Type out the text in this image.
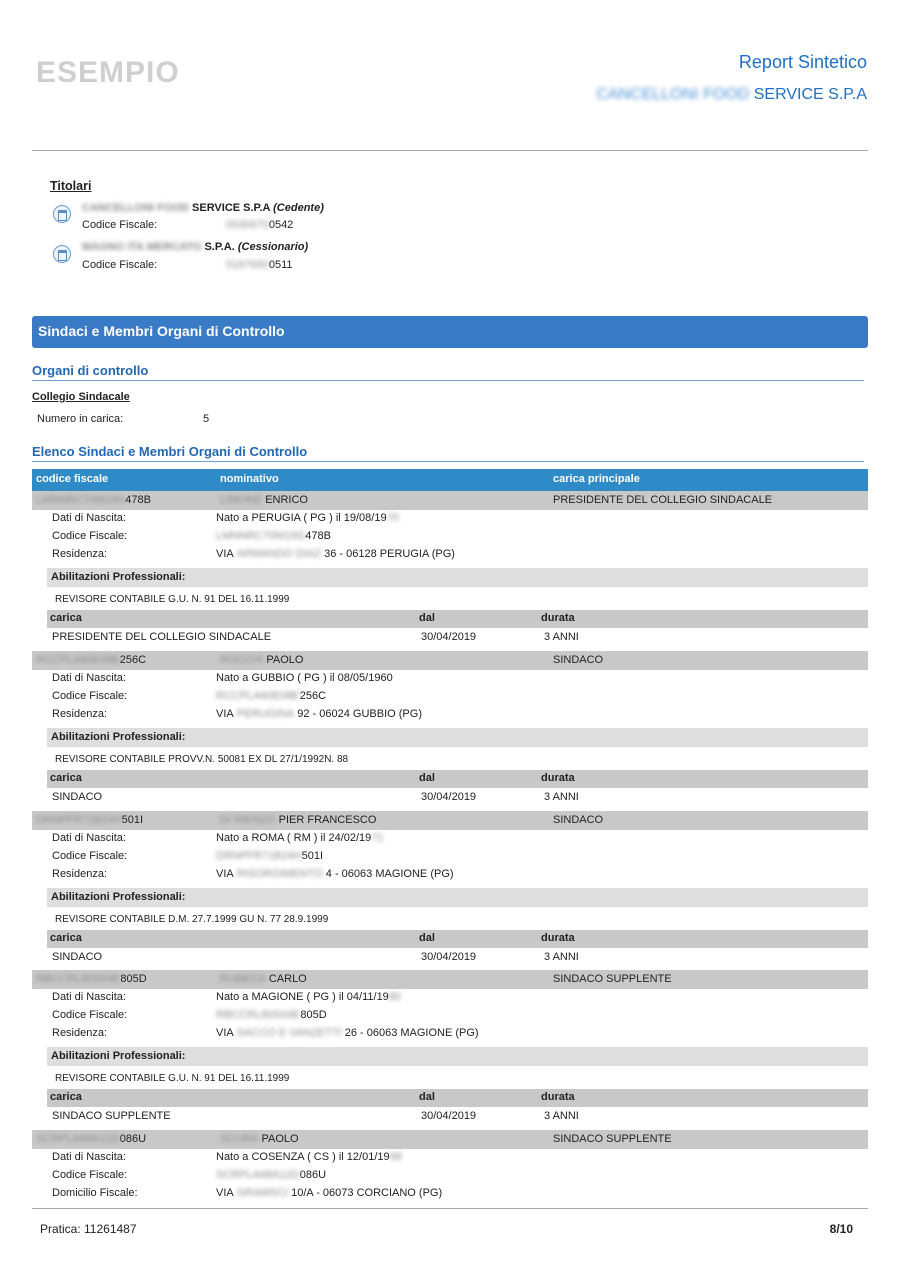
ESEMPIO	Report Sintetico
CANCELLONI FOOD SERVICE S.P.A
Titolari
CANCELLONI FOOD SERVICE S.P.A (Cedente)
Codice Fiscale:	00306700542
MAGNO ITA MERCATO S.P.A. (Cessionario)
Codice Fiscale:	01876500511
Sindaci e Membri Organi di Controllo
Organi di controllo
Collegio Sindacale
Numero in carica:	5
Elenco Sindaci e Membri Organi di Controllo
codice fiscale	nominativo	carica principale
LMNNRC70M19G478B	LIMONE ENRICO	PRESIDENTE DEL COLLEGIO SINDACALE
Dati di Nascita:	Nato a PERUGIA ( PG ) il 19/08/1970
Codice Fiscale:	LMNNRC70M19G478B
Residenza:	VIA ARMANDO DIAZ 36 - 06128 PERUGIA (PG)
Abilitazioni Professionali:
REVISORE CONTABILE G.U. N. 91 DEL 16.11.1999
carica	dal	durata
PRESIDENTE DEL COLLEGIO SINDACALE	30/04/2019	3 ANNI
RCCPLA60E08E256C	ROCCHI PAOLO	SINDACO
Dati di Nascita:	Nato a GUBBIO ( PG ) il 08/05/1960
Codice Fiscale:	RCCPLA60E08E256C
Residenza:	VIA PERUGINA 92 - 06024 GUBBIO (PG)
Abilitazioni Professionali:
REVISORE CONTABILE PROVV.N. 50081 EX DL 27/1/1992N. 88
carica	dal	durata
SINDACO	30/04/2019	3 ANNI
DRNPFR71B24H501I	DI RIENZO PIER FRANCESCO	SINDACO
Dati di Nascita:	Nato a ROMA ( RM ) il 24/02/1971
Codice Fiscale:	DRNPFR71B24H501I
Residenza:	VIA RISORGIMENTO 4 - 06063 MAGIONE (PG)
Abilitazioni Professionali:
REVISORE CONTABILE D.M. 27.7.1999 GU N. 77 28.9.1999
carica	dal	durata
SINDACO	30/04/2019	3 ANNI
RBCCRL80S04E805D	RUBECA CARLO	SINDACO SUPPLENTE
Dati di Nascita:	Nato a MAGIONE ( PG ) il 04/11/1980
Codice Fiscale:	RBCCRL80S04E805D
Residenza:	VIA SACCO E VANZETTI 26 - 06063 MAGIONE (PG)
Abilitazioni Professionali:
REVISORE CONTABILE G.U. N. 91 DEL 16.11.1999
carica	dal	durata
SINDACO SUPPLENTE	30/04/2019	3 ANNI
SCRPLA68A12D086U	SCURA PAOLO	SINDACO SUPPLENTE
Dati di Nascita:	Nato a COSENZA ( CS ) il 12/01/1968
Codice Fiscale:	SCRPLA68A12D086U
Domicilio Fiscale:	VIA GRAMSCI 10/A - 06073 CORCIANO (PG)
Pratica: 11261487	8/10
